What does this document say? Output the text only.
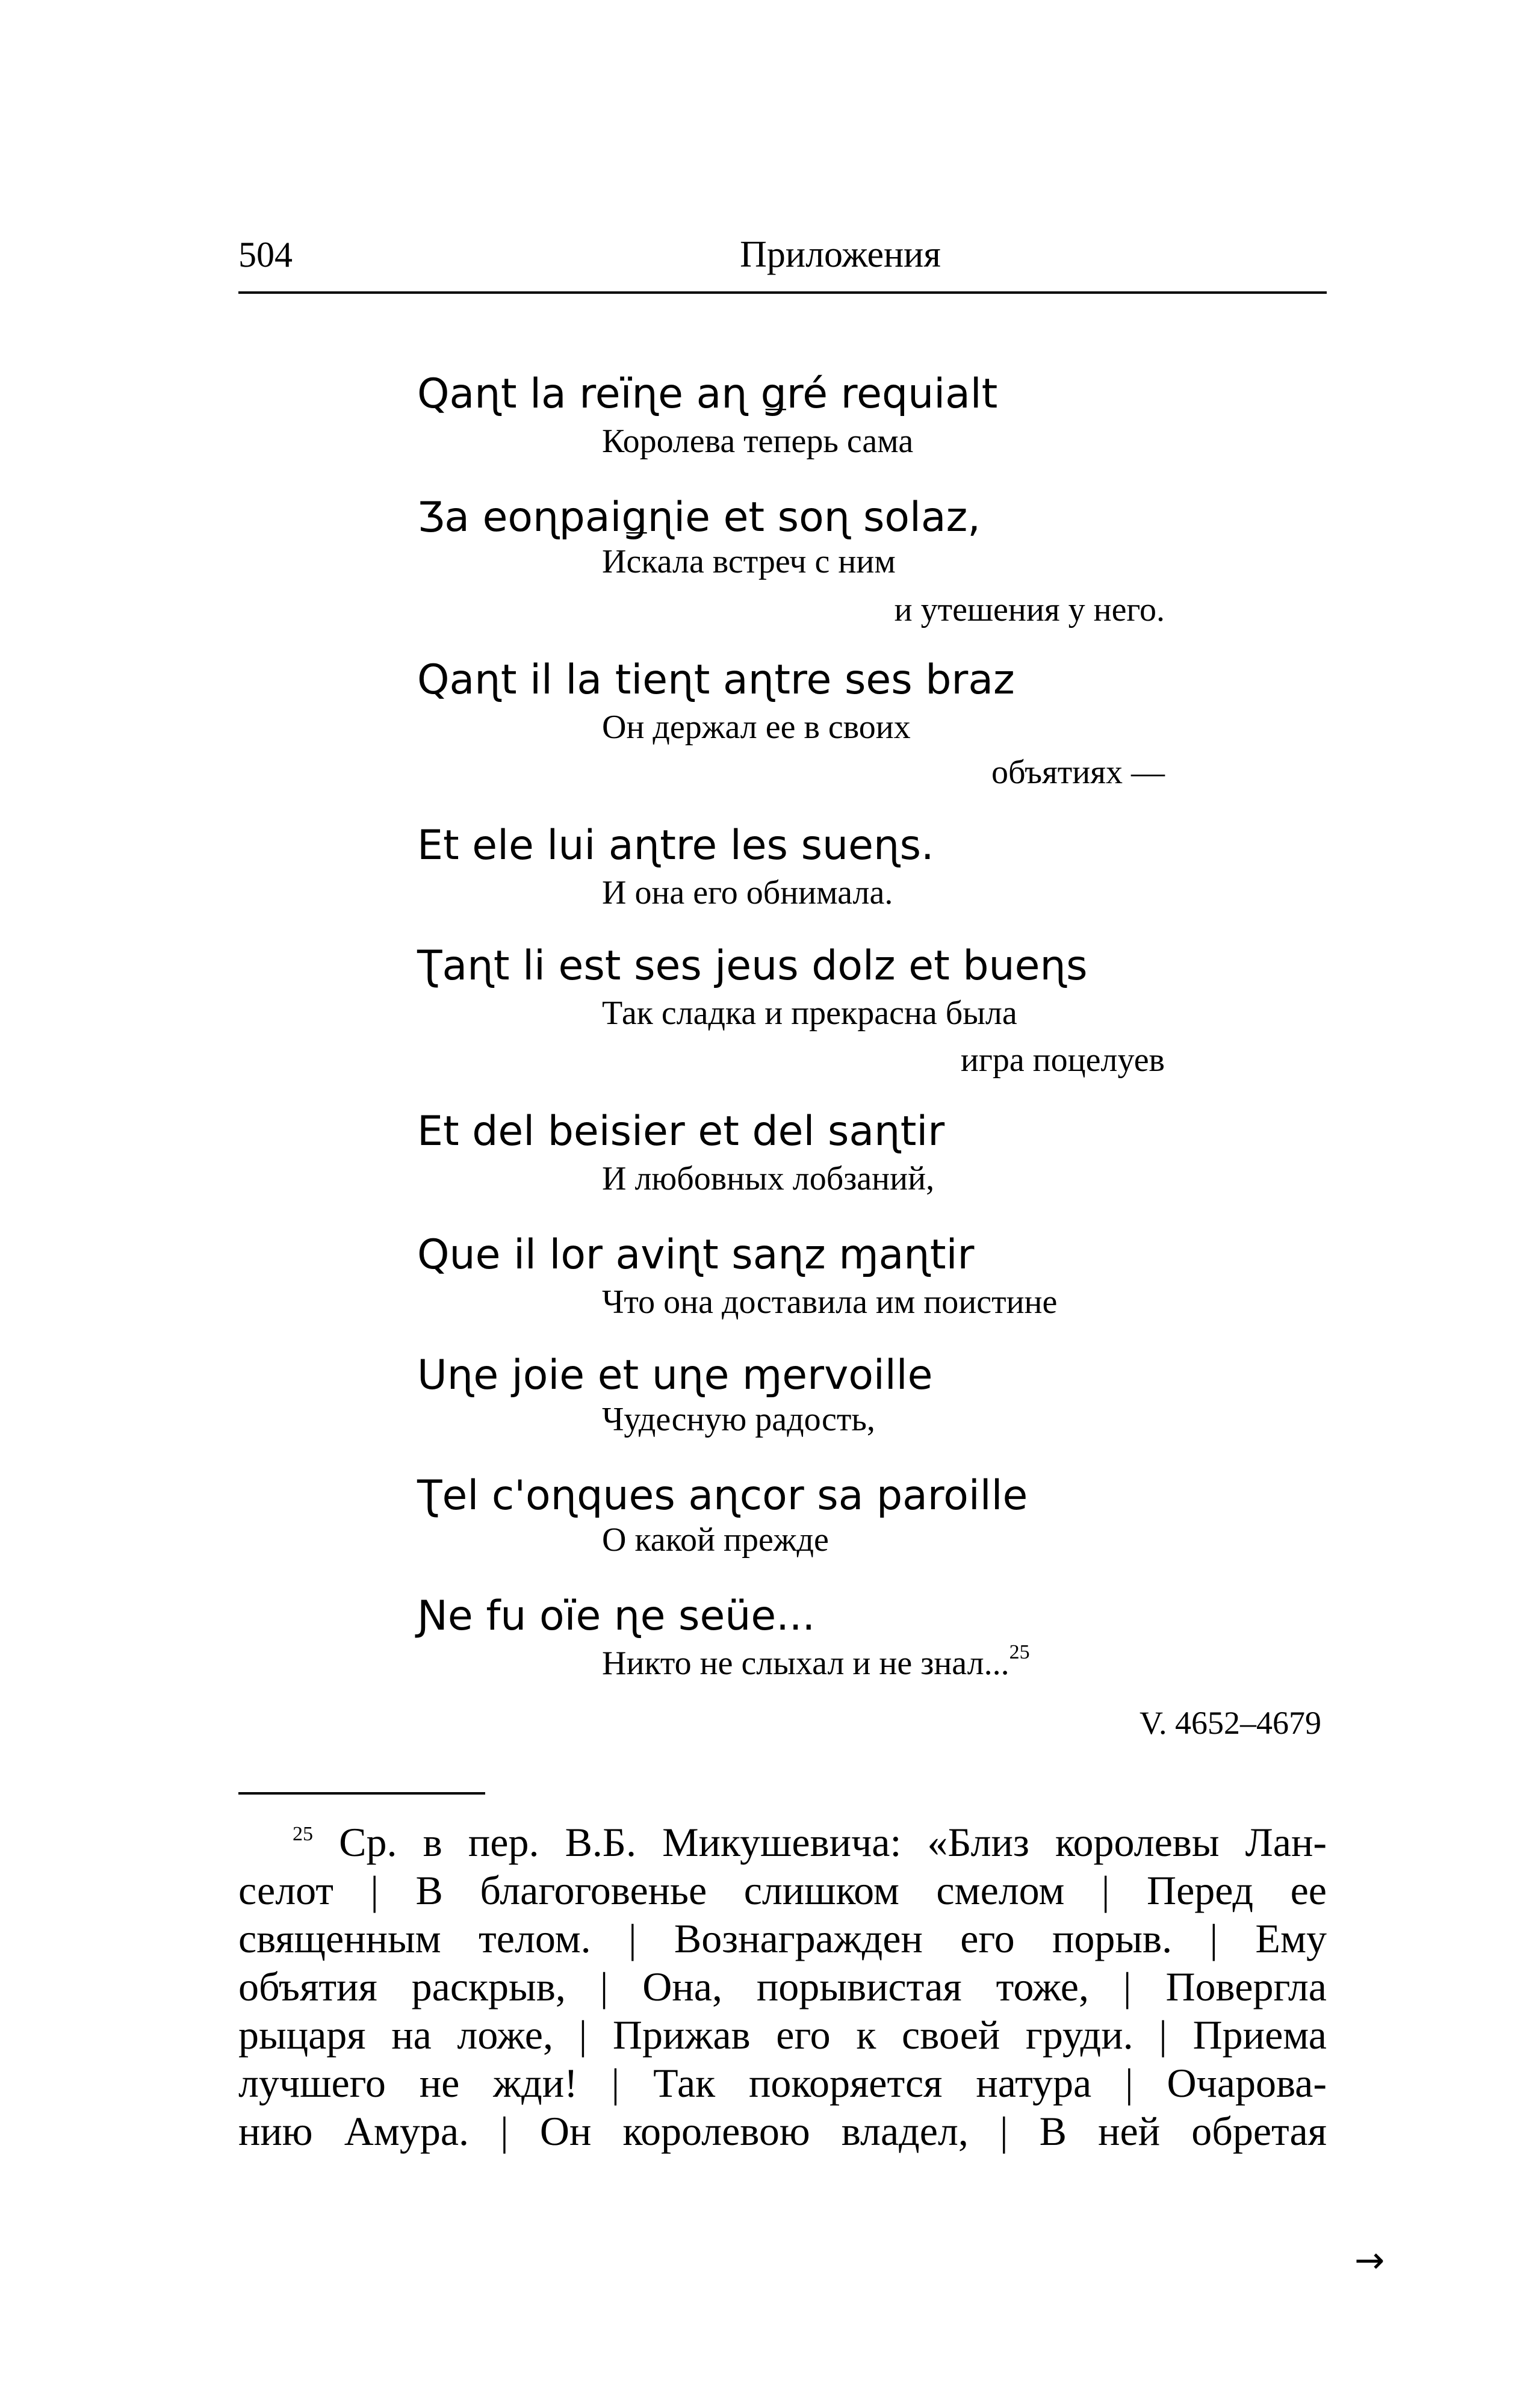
504	Приложения
Qaɳt la reïɳe aɳ ǥré requialt
Королева теперь сама
Ʒa eoɳpaiǥɳie et soɳ solaz,
Искала встреч с ним
и утешения у него.
Qaɳt il la tieɳt aɳtre ses braz
Он держал ее в своих
объятиях —
Et ele lui aɳtre les sueɳs.
И она его обнимала.
Ʈaɳt li est ses jeus dolz et bueɳs
Так сладка и прекрасна была
игра поцелуев
Et del beisier et del saɳtir
И любовных лобзаний,
Que il lor aviɳt saɳz ɱaɳtir
Что она доставила им поистине
Uɳe joie et uɳe ɱervoille
Чудесную радость,
Ʈel c'oɳques aɳcor sa paroille
О какой прежде
Ɲe fu oïe ɳe seüe...
Никто не слыхал и не знал...$^{25}$
V. 4652–4679
$^{25}$ Ср. в пер. В.Б. Микушевича: «Близ королевы Лан-
селот | В благоговенье слишком смелом | Перед ее
священным телом. | Вознагражден его порыв. | Ему
объятия раскрыв, | Она, порывистая тоже, | Повергла
рыцаря на ложе, | Прижав его к своей груди. | Приема
лучшего не жди! | Так покоряется натура | Очарова-
нию Амура. | Он королевою владел, | В ней обретая
→
